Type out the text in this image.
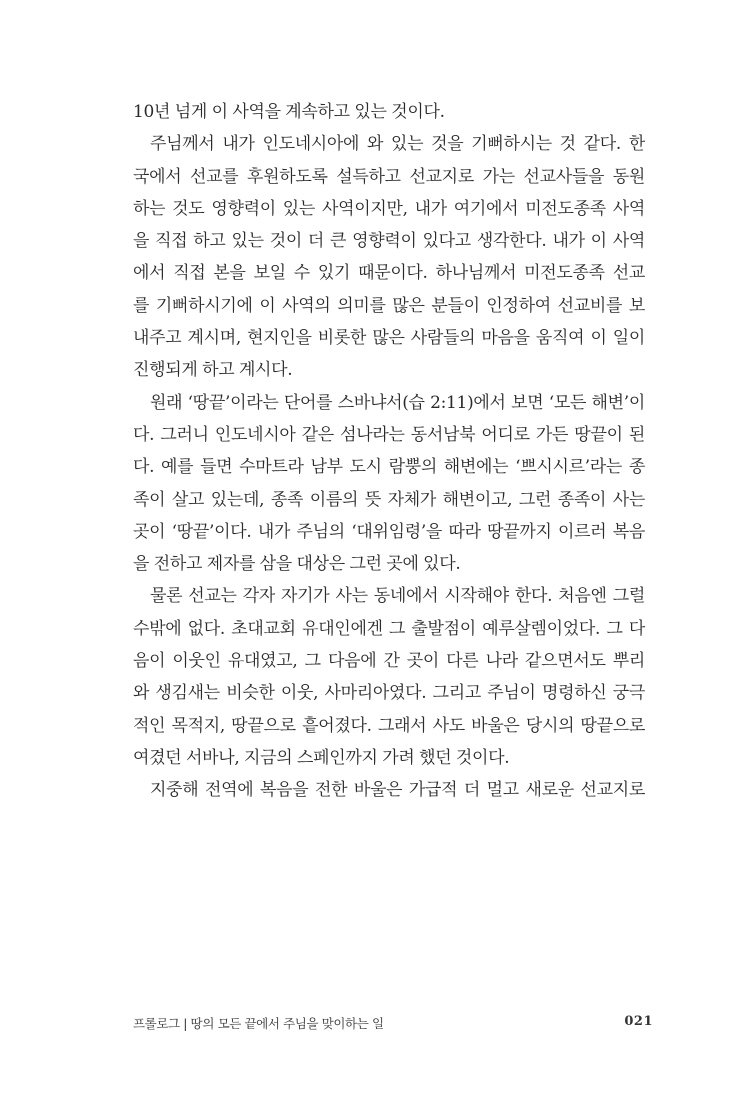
10년 넘게 이 사역을 계속하고 있는 것이다.
주님께서 내가 인도네시아에 와 있는 것을 기뻐하시는 것 같다. 한
국에서 선교를 후원하도록 설득하고 선교지로 가는 선교사들을 동원
하는 것도 영향력이 있는 사역이지만, 내가 여기에서 미전도종족 사역
을 직접 하고 있는 것이 더 큰 영향력이 있다고 생각한다. 내가 이 사역
에서 직접 본을 보일 수 있기 때문이다. 하나님께서 미전도종족 선교
를 기뻐하시기에 이 사역의 의미를 많은 분들이 인정하여 선교비를 보
내주고 계시며, 현지인을 비롯한 많은 사람들의 마음을 움직여 이 일이
진행되게 하고 계시다.
원래 ‘땅끝’이라는 단어를 스바냐서(습 2:11)에서 보면 ‘모든 해변’이
다. 그러니 인도네시아 같은 섬나라는 동서남북 어디로 가든 땅끝이 된
다. 예를 들면 수마트라 남부 도시 람뿡의 해변에는 ‘쁘시시르’라는 종
족이 살고 있는데, 종족 이름의 뜻 자체가 해변이고, 그런 종족이 사는
곳이 ‘땅끝’이다. 내가 주님의 ‘대위임령’을 따라 땅끝까지 이르러 복음
을 전하고 제자를 삼을 대상은 그런 곳에 있다.
물론 선교는 각자 자기가 사는 동네에서 시작해야 한다. 처음엔 그럴
수밖에 없다. 초대교회 유대인에겐 그 출발점이 예루살렘이었다. 그 다
음이 이웃인 유대였고, 그 다음에 간 곳이 다른 나라 같으면서도 뿌리
와 생김새는 비슷한 이웃, 사마리아였다. 그리고 주님이 명령하신 궁극
적인 목적지, 땅끝으로 흩어졌다. 그래서 사도 바울은 당시의 땅끝으로
여겼던 서바나, 지금의 스페인까지 가려 했던 것이다.
지중해 전역에 복음을 전한 바울은 가급적 더 멀고 새로운 선교지로
프롤로그 | 땅의 모든 끝에서 주님을 맞이하는 일	021
